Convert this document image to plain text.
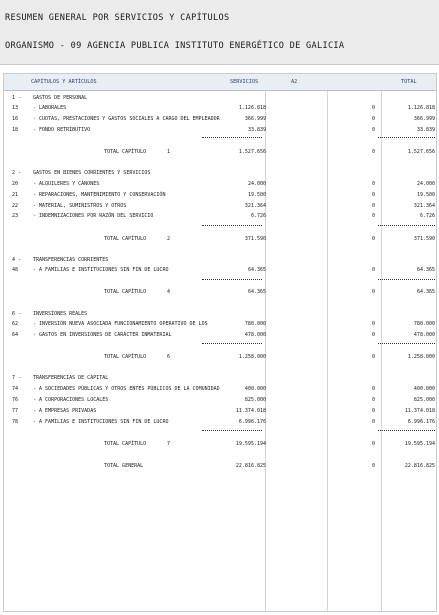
RESUMEN GENERAL POR SERVICIOS Y CAPÍTULOS
ORGANISMO - 09 AGENCIA PUBLICA INSTITUTO ENERGÉTICO DE GALICIA
CAPÍTULOS Y ARTÍCULOS	SERVICIOS	A2	TOTAL
1 - GASTOS DE PERSONAL
13	- LABORALES	1.126.818	0	1.126.818
16	- CUOTAS, PRESTACIONES Y GASTOS SOCIALES A CARGO DEL EMPLEADOR	366.999	0	366.999
18	- FONDO RETRIBUTIVO	33.839	0	33.839
TOTAL CAPÍTULO	1	1.527.656	0	1.527.656
2 - GASTOS EN BIENES CORRIENTES Y SERVICIOS
20	- ALQUILERES Y CÁNONES	24.000	0	24.000
21	- REPARACIONES, MANTENIMIENTO Y CONSERVACIÓN	19.500	0	19.500
22	- MATERIAL, SUMINISTROS Y OTROS	321.364	0	321.364
23	- INDEMNIZACIONES POR RAZÓN DEL SERVICIO	6.726	0	6.726
TOTAL CAPÍTULO	2	371.590	0	371.590
4 - TRANSFERENCIAS CORRIENTES
48	- A FAMILIAS E INSTITUCIONES SIN FIN DE LUCRO	64.365	0	64.365
TOTAL CAPÍTULO	4	64.365	0	64.365
6 - INVERSIONES REALES
62	- INVERSIÓN NUEVA ASOCIADA FUNCIONAMIENTO OPERATIVO DE LOS	780.000	0	780.000
64	- GASTOS EN INVERSIONES DE CARÁCTER INMATERIAL	478.000	0	478.000
TOTAL CAPÍTULO	6	1.258.000	0	1.258.000
7 - TRANSFERENCIAS DE CAPITAL
74	- A SOCIEDADES PÚBLICAS Y OTROS ENTES PÚBLICOS DE LA COMUNIDAD	400.000	0	400.000
76	- A CORPORACIONES LOCALES	825.000	0	825.000
77	- A EMPRESAS PRIVADAS	11.374.018	0	11.374.018
78	- A FAMILIAS E INSTITUCIONES SIN FIN DE LUCRO	6.996.176	0	6.996.176
TOTAL CAPÍTULO	7	19.595.194	0	19.595.194
TOTAL GENERAL	22.816.825	0	22.816.825
